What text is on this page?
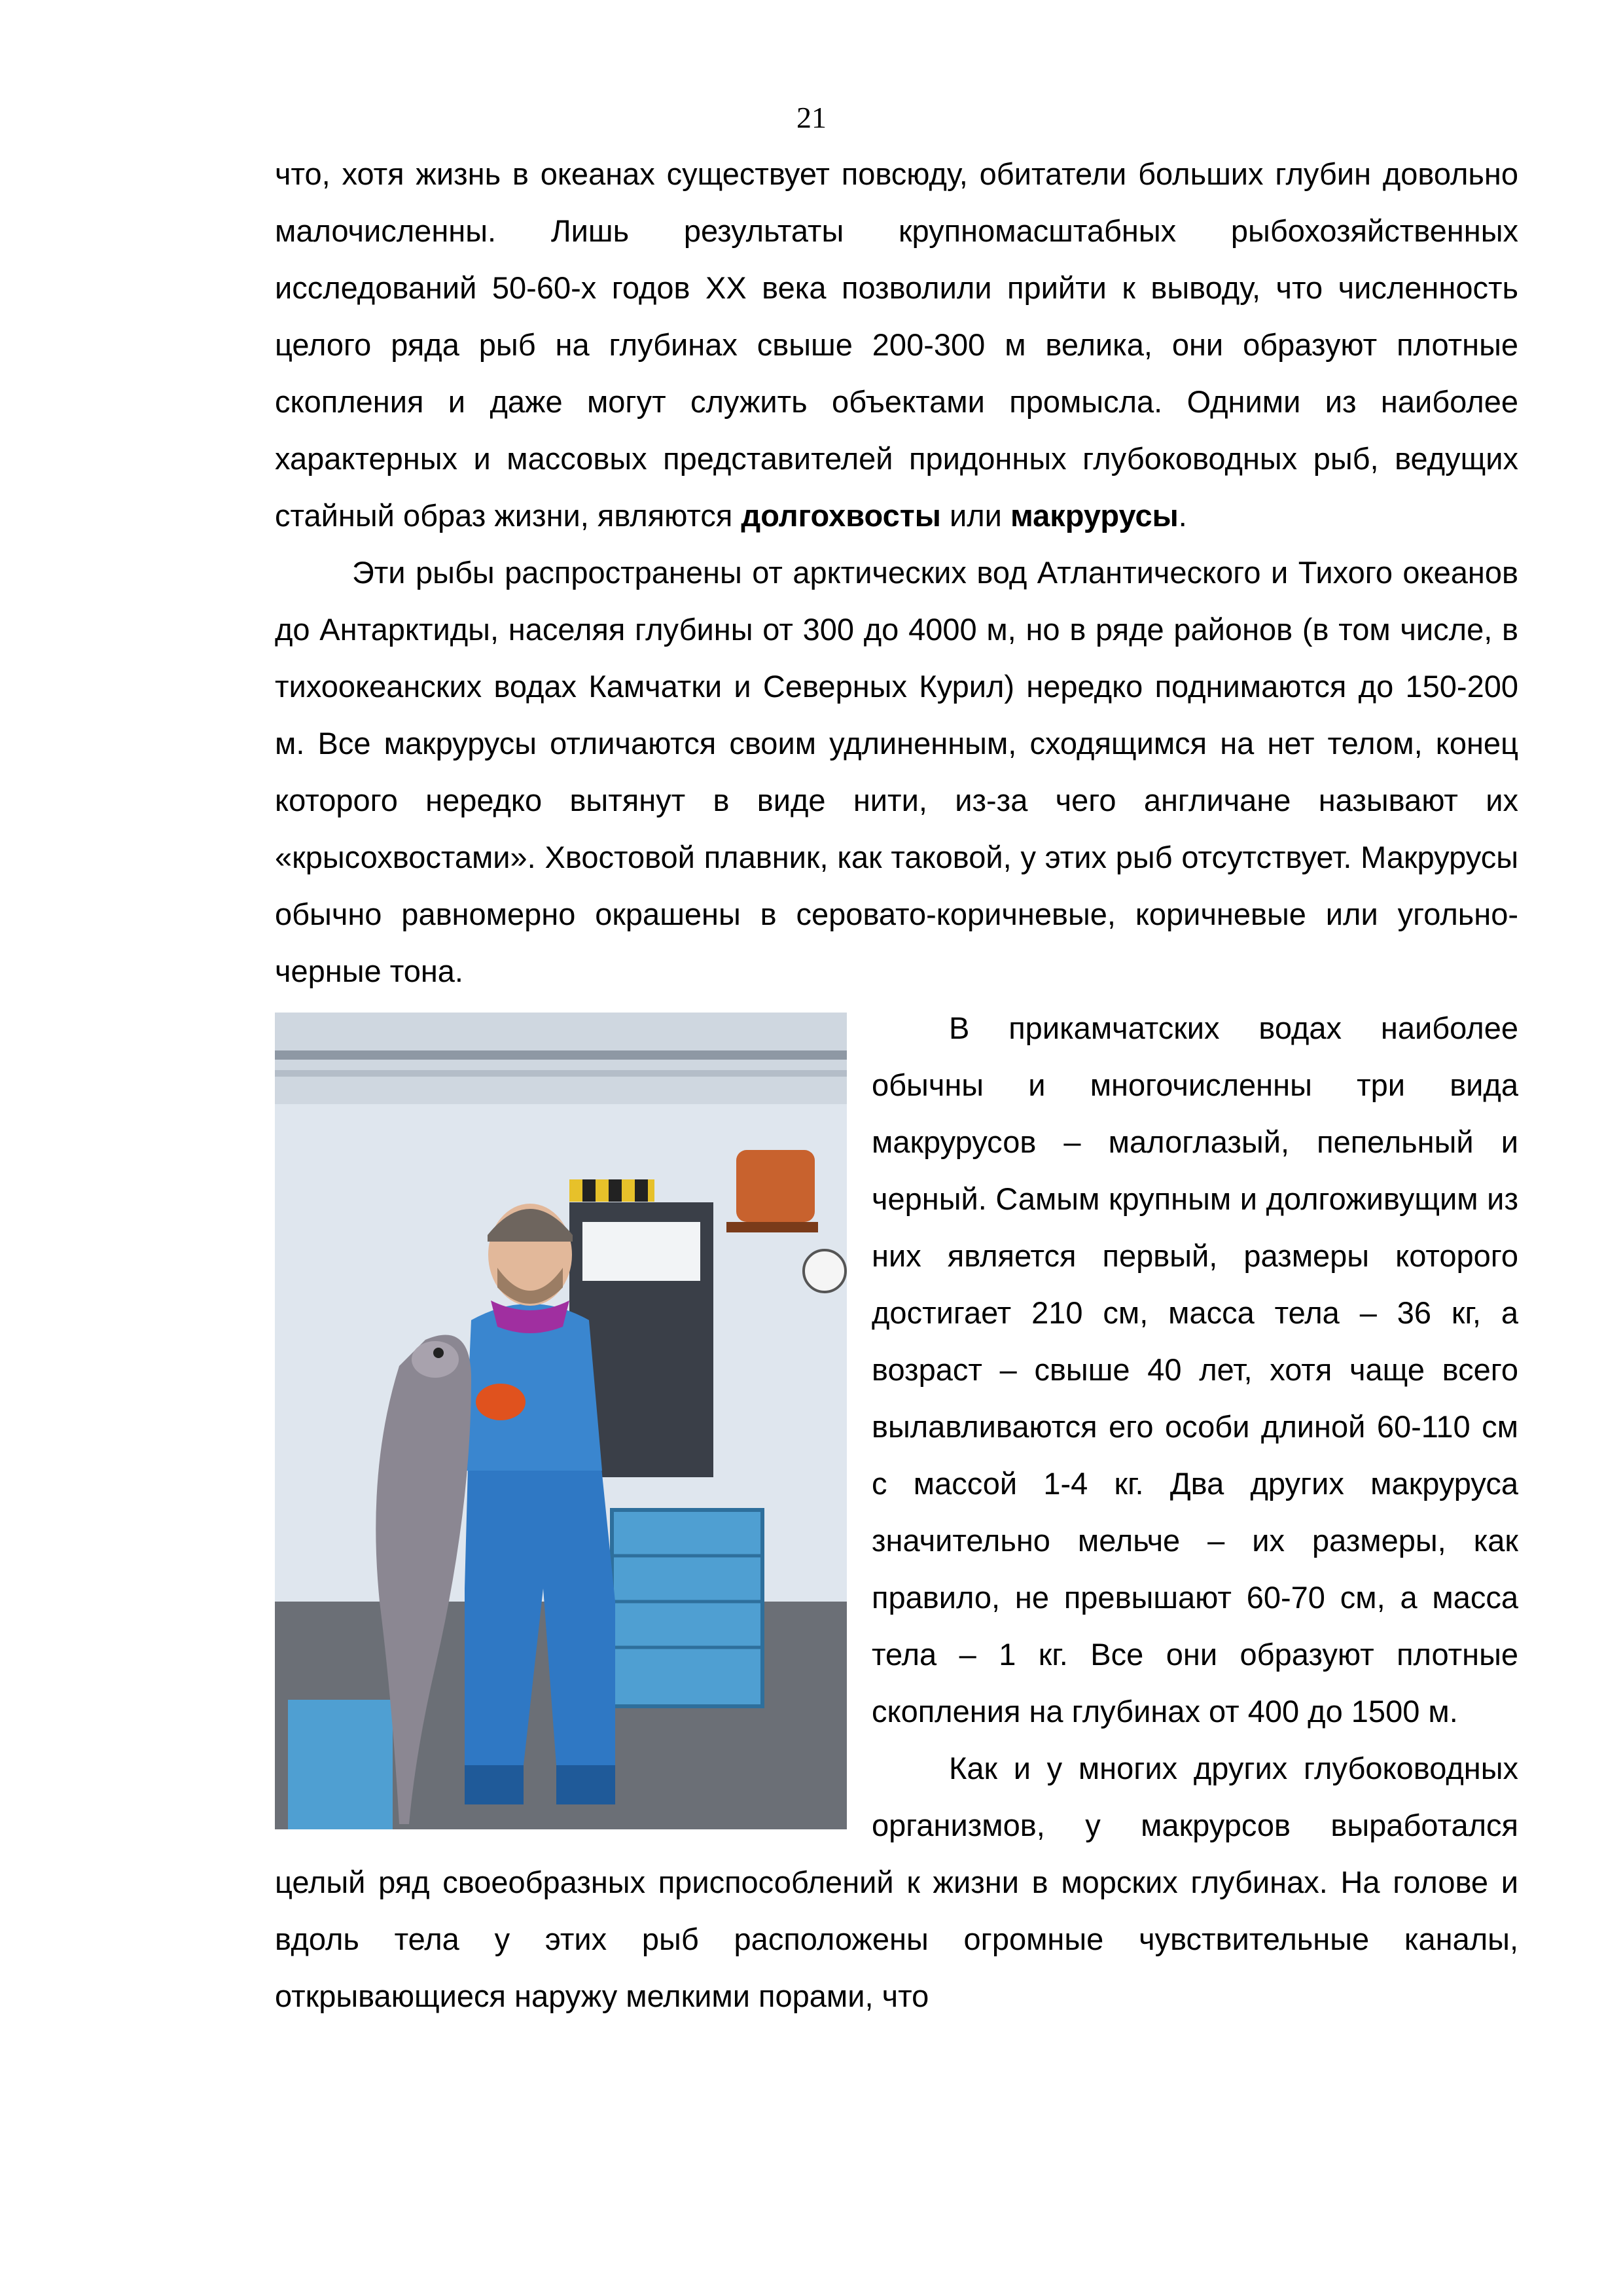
21

что, хотя жизнь в океанах существует повсюду, обитатели больших глубин довольно малочисленны. Лишь результаты крупномасштабных рыбохозяйственных исследований 50-60-х годов XX века позволили прийти к выводу, что численность целого ряда рыб на глубинах свыше 200-300 м велика, они образуют плотные скопления и даже могут служить объектами промысла. Одними из наиболее характерных и массовых представителей придонных глубоководных рыб, ведущих стайный образ жизни, являются долгохвосты или макрурусы.

Эти рыбы распространены от арктических вод Атлантического и Тихого океанов до Антарктиды, населяя глубины от 300 до 4000 м, но в ряде районов (в том числе, в тихоокеанских водах Камчатки и Северных Курил) нередко поднимаются до 150-200 м. Все макрурусы отличаются своим удлиненным, сходящимся на нет телом, конец которого нередко вытянут в виде нити, из-за чего англичане называют их «крысохвостами». Хвостовой плавник, как таковой, у этих рыб отсутствует. Макрурусы обычно равномерно окрашены в серовато-коричневые, коричневые или угольно-черные тона.

В прикамчатских водах наиболее обычны и многочисленны три вида макрурусов – малоглазый, пепельный и черный. Самым крупным и долгоживущим из них является первый, размеры которого достигает 210 см, масса тела – 36 кг, а возраст – свыше 40 лет, хотя чаще всего вылавливаются его особи длиной 60-110 см с массой 1-4 кг. Два других макруруса значительно мельче – их размеры, как правило, не превышают 60-70 см, а масса тела – 1 кг. Все они образуют плотные скопления на глубинах от 400 до 1500 м.

Как и у многих других глубоководных организмов, у макрурсов выработался целый ряд своеобразных приспособлений к жизни в морских глубинах. На голове и вдоль тела у этих рыб расположены огромные чувствительные каналы, открывающиеся наружу мелкими порами, что
